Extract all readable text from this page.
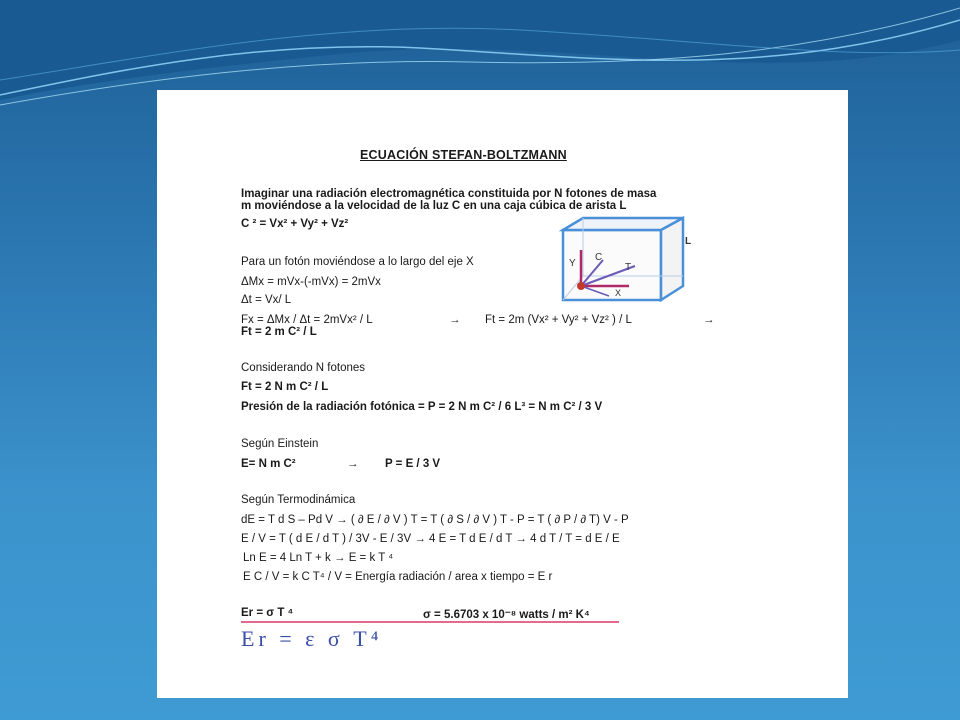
ECUACIÓN STEFAN-BOLTZMANN
Imaginar una radiación electromagnética constituida por N fotones de masa
m moviéndose a la velocidad de la luz C en una caja cúbica de arista L
C ² = Vx² + Vy² + Vz²
Para un fotón moviéndose a lo largo del eje X
ΔMx = mVx-(-mVx) = 2mVx
Δt = Vx/ L
Fx = ΔMx / Δt = 2mVx² / L	→ Ft = 2m (Vx² + Vy² + Vz² ) / L	→
Ft = 2 m C² / L
Considerando N fotones
Ft = 2 N m C² / L
Presión de la radiación fotónica = P = 2 N m C² / 6 L³ = N m C² / 3 V
Según Einstein
E= N m C²	→ P = E / 3 V
Según Termodinámica
dE = T d S – Pd V → ( ∂ E / ∂ V ) T = T ( ∂ S / ∂ V ) T - P = T ( ∂ P / ∂ T) V - P
E / V = T ( d E / d T ) / 3V - E / 3V → 4 E = T d E / d T → 4 d T / T = d E / E
Ln E = 4 Ln T + k → E = k T ⁴
E C / V = k C T⁴ / V = Energía radiación / area x tiempo = E r
Er = σ T ⁴	σ = 5.6703 x 10⁻⁸ watts / m² K⁴
Er = ε σ T⁴
Y
C
T
X
L
